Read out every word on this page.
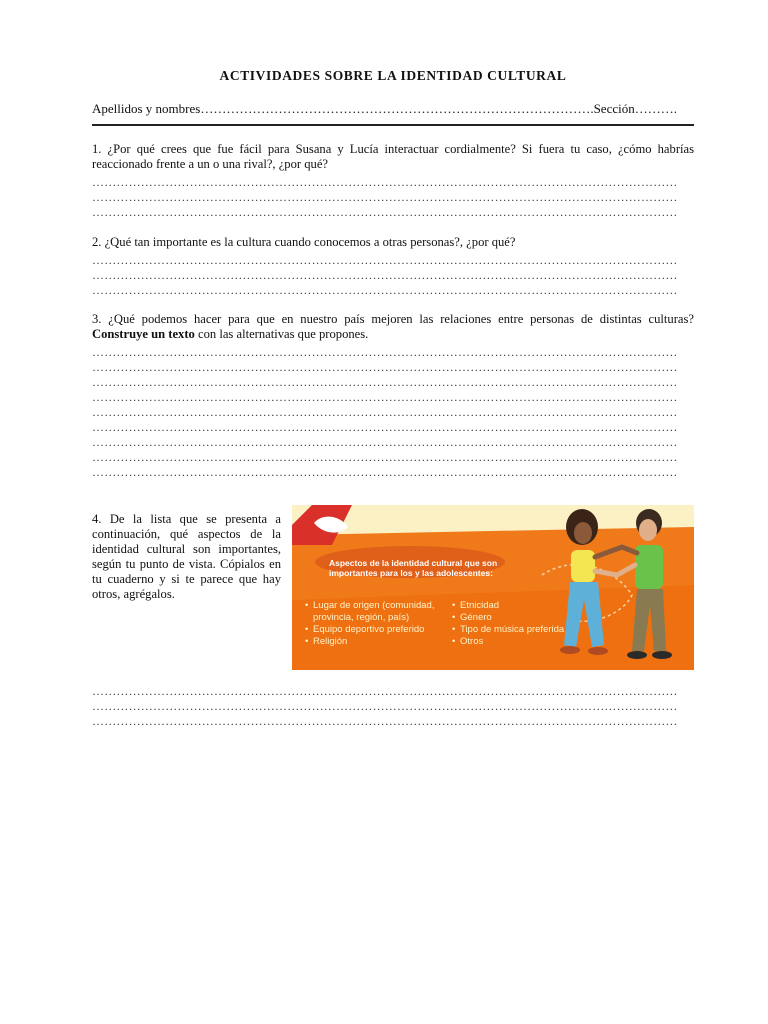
ACTIVIDADES SOBRE LA IDENTIDAD CULTURAL
Apellidos y nombres……………………………………………………………………………….Sección……….
1. ¿Por qué crees que fue fácil para Susana y Lucía interactuar cordialmente? Si fuera tu caso, ¿cómo habrías reaccionado frente a un o una rival?, ¿por qué?
………………………………………………………………………………………………………………………………
………………………………………………………………………………………………………………………………
………………………………………………………………………………………………………………………………
2. ¿Qué tan importante es la cultura cuando conocemos a otras personas?, ¿por qué?
………………………………………………………………………………………………………………………………
………………………………………………………………………………………………………………………………
………………………………………………………………………………………………………………………………
3. ¿Qué podemos hacer para que en nuestro país mejoren las relaciones entre personas de distintas culturas? Construye un texto con las alternativas que propones.
………………………………………………………………………………………………………………………………
………………………………………………………………………………………………………………………………
………………………………………………………………………………………………………………………………
………………………………………………………………………………………………………………………………
………………………………………………………………………………………………………………………………
………………………………………………………………………………………………………………………………
………………………………………………………………………………………………………………………………
………………………………………………………………………………………………………………………………
………………………………………………………………………………………………………………………………
4. De la lista que se presenta a continuación, qué aspectos de la identidad cultural son importantes, según tu punto de vista. Cópialos en tu cuaderno y si te parece que hay otros, agrégalos.
Aspectos de la identidad cultural que son importantes para los y las adolescentes:
• Lugar de origen (comunidad,
provincia, región, país)
• Equipo deportivo preferido
• Religión
• Etnicidad
• Género
• Tipo de música preferida
• Otros
………………………………………………………………………………………………………………………………
………………………………………………………………………………………………………………………………
………………………………………………………………………………………………………………………………
